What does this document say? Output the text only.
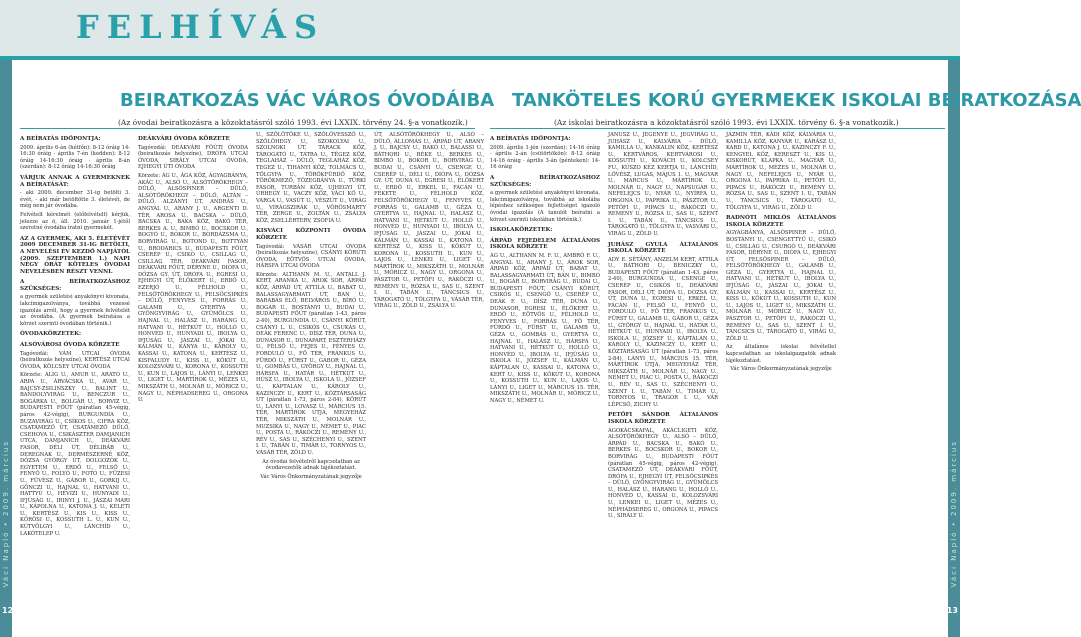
FELHÍVÁS
Váci Napló • 2009. március
12
BEIRATKOZÁS VÁC VÁROS ÓVODÁIBA
(Az óvodai beiratkozásra a közoktatásról szóló 1993. évi LXXIX. törvény 24. §-a vonatkozik.)

A BEÍRATÁS IDŐPONTJA:

2009. április 6-án (hétfőn): 8-12 óráig 14-16:30 óráig · április 7-én (kedden): 8-12 óráig 14-16:30 óráig · április 8-án (szerdán): 8-12 óráig 14-16:30 óráig

VÁRJUK ANNAK A GYERMEKNEK A BEÍRATÁSÁT:

- aki 2009. december 31-ig betölti 3. évét, - aki már betöltötte 3. életévét, de még nem jár óvodába.

Felvételt kérelmét (előfelvételt) kérjük, jelezze az ö, áll. 2010. január 1-jétől szeretné óvodába íratni gyermekét.

AZ A GYERMEK, AKI 5. ÉLETÉVÉT 2009 DECEMBER 31-IG BETÖLTI, A NEVELÉSI ÉV KEZDŐ NAPJÁTÓL (2009. SZEPTEMBER 1.) NAPI NÉGY ÓRÁT KÖTELES ÓVODAI NEVELÉSBEN RÉSZT VENNI.

A BEÍRATKOZÁSHOZ SZÜKSÉGES:

a gyermek születési anyakönyvi kivonata, lakcímigazolványa, továbbá vezessé igazolás arról, hogy a gyermek felvételét az óvodába. (A gyermek beíratása a körzet szerinti óvodában történik.)

ÓVODAKÖRZETEK:

ALSÓVÁROSI ÓVODA KÖRZETE

Tagóvodái: VÁM UTCAI ÓVODA (beiratkozás helyszíne), KERTÉSZ UTCAI ÓVODA, KÖLCSEY UTCAI ÓVODA

Körzete: ALIG U., AMUR U., ARATÓ U., ÁRPA U., ÁRVÁCSKA U., AVAR U., BAJCSY-ZSILINSZKY U., BALINT U., BANDOLYVIRÁG U., BENCZÚR U., BOGÁRKA U., BOLGÁR U., BORVIZ U., BUDAPESTI FŐÚT (páratlan 45-végig, páros 42-végig), BURGUNDIA U., BUZAVIRÁG U., CSÍKOS U., CIFRA KÖZ, CSATÁMEZŐ ÚT, CSATÁMEZŐ DŰLŐ, CSEHOVA U., CSIKÁSZTER DAMJANICH UTCA, DAMJANICH U., DEÁKVÁRI FASOR, DÉLI ÚT, DÉLIBÁB U., DEREGNAK U., DERMÉSZERNÉ KÖZ, DÓZSA GYÖRGY ÚT, DOLGOZÓK U., EGYETEM U., ERDŐ U., FELSŐ U., FENYŐ U., FOLYÓ U., FOTÓ U., FÜZESI U., FÜVÉSZ U., GÁBOR U., GORKIJ U., GÖNCZI U., HAJNAL U., HATVANI U., HATTYÚ U., HÉVIZI U., HUNYADI U., IFJÚSÁG U., IRINYI J. U., JÁSZAI MARI U., KÁPOLNA U., KATONA J. U., KELETI U., KERTÉSZ U., KIS U., KISS U., KŐRÖSI U., KOSSUTH L. U., KUN U., KÚTVÖLGYI U., LÁNCHÍD U., LAKÓTELEP U.

DEÁKVÁRI ÓVODA KÖRZETE

Tagóvodái: DEÁKVÁRI FŐÚTI ÓVODA (beiratkozás helyszíne), DRÓFA UTCAI ÓVODA, SIRÁLY UTCAI ÓVODA, EJHEGYI ÚTI ÓVODA

Körzete: ÁG U., ÁGA KÖZ, ÁGYAGBÁNYA, AKÁC U., ALSÓ U., ALSÓTÖRÖKHEGY – DŰLŐ, ALSÓSPINER – DŰLŐ, ALSÓTÖRÖKHEGY – DŰLŐ, ALTÁN – DŰLŐ, ALZÁNYI ÚT, ANDRÁS U., ANGYAL U., ARANY J. U., ARGENTI D. TÉR, AROSA U., BACSKA – DŰLŐ, BACSKA U., BAKA KÖZ, BAKÓ TÉR, BERKES A. U., BIMBÓ U., BOCSKOR U., BOGYÓ U., BOKOR U., BORDÁZSMA U., BORVIRÁG U., BOTOND U., BOTTYÁN U., BRODARICS U., BUDAPESTI FŐÚT, CSERÉP U., CSIKÓ U., CSILLAG U., CSILLAG TÉR, DEÁKVÁRI FASOR, DEÁKVÁRI FŐÚT, DÉRYNE U., DIÓFA U., DÓZSA GY. ÚT, DRÓFA U., EGRESI U., EJHEGYI ÚT, ÉLŐKERT U., ERDŐ U., EZERJÓ U., FÉLHOLD U., FELSŐTÖRÖKHEGY U., FELSŐCSIPKÉS – DŰLŐ, FENYVES U., FORRÁS U., GALAMB U., GYERTYA U., GYÖNGYVIRÁG U., GYÜMÖLCS U., HAJNAL U., HALÁSZ U., HARANG U., HATVANI U., HÉTKÚT U., HOLLÓ U., HONVÉD U., HUNYADI U., IBOLYA U., IFJÚSÁG U., JÁSZAI U., JÓKAI U., KÁLMÁN U., KÁNYA U., KÁROLY U., KASSAI U., KATONA U., KERTÉSZ U., KISFALUDY U., KISS U., KŐKÚT U., KOLOZSVÁRI U., KORONA U., KOSSUTH U., KUN U., LAJOS U., LÁNYI U., LENKEI U., LIGET U., MÁRTÍROK U., MÉZES U., MIKSZÁTH U., MOLNÁR U., MÓRICZ U., NAGY U., NÉPHADSEREG U., ORGONA U.

U., SZŐLŐTŐKE U., SZŐLŐVESSZŐ U., SZŐLŐHEGY U., SZOKOLYAI U., SZOLNOKI ÚT, TARACK KÖZ, TÁROGATÓ U., TATRA U., TÉGEZ KÖZ, TEGLAHÁZ – DŰLŐ, TEGLAHÁZ KÖZ, TEGEZ U., TIHANYI KÖZ, TOLMÁCS U., TÖLGYFA U., TÖRÖKFÜRDŐ KÖZ, TÖRÖKMEZŐ, TŐZEGBÁNYA U., TÜRKI FASOR, TURBÁN KÖZ, UJHEGYI ÚT, ÚRHEGY U., VACZY KÖZ, VÁCI KŐ U., VARGA U., VASÚT U., VÉSZÚT U., VIRÁG U., VIRÁGSZIRÁK U., VÖRÖSMARTY TÉR, ZERGE U., ZOLTÁN U., ZSÁLYA KÖZ, ZSELLÉRTERV, ZSÓFIA U.

KISVÁCI KÖZPONTI ÓVODA KÖRZETE

Tagóvodái: VÁSÁR UTCAI ÓVODA (beiratkozás helyszíne), CSÁNYI KÖRÚTI ÓVODA, EÖTVÖS UTCAI ÓVODA, HÁRSFA UTCAI ÓVODA

Körzete: ALTHANN M. U., ANTALL J. KERT, ARANKA U., ÁROK SOR, ÁRPÁD KÖZ, ÁRPÁD ÚT, ATTILA U., BABAT U., BALASSAGYARMATI ÚT, BAN U., BARABÁS ÉLŐ, BELVÁROS U., BÍRÓ U., BOGÁR U., BOSTÁNYI U., BUDAI U., BUDAPESTI FŐÚT (páratlan 1-43, páros 2-40), BURGUNDIA U., CSÁNYI KÖRÚT, CSÁNYI L. U., CSIKÓS U., CSUKÁS U., DEÁK FERENC U., DÍSZ TÉR, DUNA U., DUNASOR U., DUNAPART, ESZTERHÁZY U., FÉLSŐ U., FEJES U., FÉNYES U., FORDULÓ U., FŐ TÉR, FRANKUS U., FÜRDŐ U., FÜRST U., GÁBOR U., GÉZA U., GOMBÁS U., GYÖRGY U., HAJNAL U., HÁRSFA U., HATÁR U., HÉTKÚT U., HÚSZ U., IBOLYA U., ISKOLA U., JÓZSEF U., KÁPTALAN U., KÁROLY U., KAZINCZY U., KERT U., KÖZTÁRSASÁG ÚT (páratlan 1-73, páros 2-84), KŐRÚT U., LÁNYI U., LOVASZ U., MÁRCIUS 15. TÉR, MÁRTÍROK ÚTJA, MEGYEHÁZ TÉR, MIKSZÁTH U., MOLNÁR U., MUZSIKA U., NAGY U., NÉMET U., PIAC U., POSTA U., RÁKÓCZI U., REMÉNY U., RÉV U., SAS U., SZÉCHENYI U., SZENT I. U., TABÁN U., TIMÁR U., TORNYOS U., VÁSÁR TÉR, ZÖLD U.

Az óvodai felvételről kapcsolatban az óvodavezetők adnak tájékoztatást.

Vác Város Önkormányzatának jegyzője

ÚT, ALSÓTÖRÖKHEGY U., ALSÓ – DŰLŐ, ÁLLOMÁS U., ÁRPÁD ÚT, ARANY J. U., BAJCSY U., BAKÓ U., BALASSI U., BÁTHORI U., BÉKE U., BERKES U., BIMBÓ U., BOKOR U., BORVIRÁG U., BUDAI U., CSÁNYI U., CSENGE U., CSERÉP U., DÉLI U., DIÓFA U., DÓZSA GY. ÚT, DUNA U., EGRESI U., ÉLŐKERT U., ERDŐ U., ERKEL U., FÁCÁN U., FEKETE U., FÉLHOLD KÖZ, FELSŐTÖRÖKHEGY U., FENYVES U., FORRÁS U., GALAMB U., GÉZA U., GYERTYA U., HAJNAL U., HALÁSZ U., HATVANI U., HÉTKÚT U., HOLLÓ U., HONVÉD U., HUNYADI U., IBOLYA U., IFJÚSÁG U., JÁSZAI U., JÓKAI U., KÁLMÁN U., KASSAI U., KATONA U., KERTÉSZ U., KISS U., KŐKÚT U., KORONA U., KOSSUTH U., KUN U., LAJOS U., LENKEI U., LIGET U., MÁRTÍROK U., MIKSZÁTH U., MOLNÁR U., MÓRICZ U., NAGY U., ORGONA U., PÁSZTOR U., PETŐFI U., RÁKÓCZI U., REMÉNY U., RÓZSA U., SAS U., SZENT I. U., TABÁN U., TÁNCSICS U., TÁROGATÓ U., TÖLGYFA U., VÁSÁR TÉR, VIRÁG U., ZÖLD U., ZSÁLYA U.

Váci Napló • 2009. március
13
TANKÖTELES KORÚ GYERMEKEK ISKOLAI BEIRATKOZÁSA
(Az iskolai beiratkozásra a közoktatásról szóló 1993. évi LXXIX. törvény 6. §-a vonatkozik.)

A BEÍRATÁS IDŐPONTJA:

2009. április 1-jén (szerdán): 14-16 óráig · április 2-án (csütörtökön): 8-12 óráig 14-16 óráig · április 3-án (pénteken): 14-16 óráig

A BEÍRATKOZÁSHOZ SZÜKSÉGES:

a gyermek születési anyakönyvi kivonata, lakcímigazolványa, továbbá az iskolába lépéshez szükséges fejlettséget igazoló óvodai igazolás (A tanulót beíratni a körzet szerinti iskolában történik.)

ISKOLAKÖRZETEK:

ÁRPÁD FEJEDELEM ÁLTALÁNOS ISKOLA KÖRZETE

ÁG U., ALTHANN M. F. U., AMBRÓ F. U., ANGYAL U., ARANY J. U., ÁROK SOR, ÁRPÁD KÖZ, ÁRPÁD ÚT, BABAT U., BALASSAGYARMATI ÚT, BÁN U., BIMBÓ U., BOGÁR U., BORVIRÁG U., BUDAI U., BUDAPESTI FŐÚT, CSÁNYI KÖRÚT, CSIKÓS U., CSENGŐ U., CSERÉP U., DEÁK F. U., DÍSZ TÉR, DUNA U., DUNASOR, EGRESI U., ÉLŐKERT U., ERDŐ U., EÖTVÖS U., FÉLHOLD U., FENYVES U., FORRÁS U., FŐ TÉR, FÜRDŐ U., FÜRST U., GALAMB U., GÉZA U., GOMBÁS U., GYERTYA U., HAJNAL U., HALÁSZ U., HÁRSFA U., HATVANI U., HÉTKÚT U., HOLLÓ U., HONVÉD U., IBOLYA U., IFJÚSÁG U., ISKOLA U., JÓZSEF U., KÁLMÁN U., KÁPTALAN U., KASSAI U., KATONA U., KERT U., KISS U., KŐKÚT U., KORONA U., KOSSUTH U., KUN U., LAJOS U., LÁNYI U., LIGET U., MÁRCIUS 15. TÉR, MIKSZÁTH U., MOLNÁR U., MÓRICZ U., NAGY U., NÉMET U.

JANUSZ U., JEGENYE U., JEGVIRÁG U., JUHÁSZ U., KÁLVÁRIA – DŰLŐ, KAMILLA U., KANKALIN KÖZ, KERTÉSZ U., KERTVÁROS, KERTVÁROSI U., KOSSUTH U., KOVÁCH U., KOLCSEY FU., KÚSZO KÉZ KERTJA U., LÁNCHÍD, LŐVÉSZ, LUGAS, MÁJUS 1. U., MAGYAR U., MARCUS U., MÁRTÍROK U., MOLNÁR U., NAGY U., NAPSUGÁR U., NEFELEJCS U., NYÁR U., NYÍRFA U., ORGONA U., PAPRIKA U., PÁSZTOR U., PETŐFI U., PIPACS U., RÁKÓCZI U., REMÉNY U., RÓZSA U., SAS U., SZENT I. U., TABÁN U., TÁNCSICS U., TÁROGATÓ U., TÖLGYFA U., VASVÁRI U., VIRÁG U., ZÖLD U.

JUHÁSZ GYULA ÁLTALÁNOS ISKOLA KÖRZETE

ADY E. SÉTÁNY, ANZELM KERT, ATTILA U., BÁTHORI U., BENICZKY U., BUDAPESTI FŐÚT (páratlan 1-43, páros 2-40), BURGUNDIA U., CSENGE U., CSERÉP U., CSIKÓS U., DEÁKVÁRI FASOR, DÉLI ÚT, DIÓFA U., DÓZSA GY. ÚT, DUNA U., EGRESI U., ERKEL U., FÁCÁN U., FELSŐ U., FENYŐ U., FORDULÓ U., FŐ TÉR, FRANKUS U., FÜRST U., GALAMB U., GÁBOR U., GÉZA U., GYÖRGY U., HAJNAL U., HATÁR U., HÉTKÚT U., HUNYADI U., IBOLYA U., ISKOLA U., JÓZSEF U., KÁPTALAN U., KÁROLY U., KAZINCZY U., KERT U., KÖZTÁRSASÁG ÚT (páratlan 1-73, páros 2-84), LÁNYI U., MÁRCIUS 15. TÉR, MÁRTÍROK ÚTJA, MEGYEHÁZ TÉR, MIKSZÁTH U., MOLNÁR U., NAGY U., NÉMET U., PIAC U., POSTA U., RÁKÓCZI U., RÉV U., SAS U., SZÉCHENYI U., SZENT I. U., TABÁN U., TIMÁR U., TORNYOS U., TRAGOR I. U., VÁR LÉPCSŐ, ZICHY U.

PETŐFI SÁNDOR ÁLTALÁNOS ISKOLA KÖRZETE

ÁGOKÁCSKAFAL, AKÁCLIGETI KÖZ, ALSÓTÖRÖKHEGY U., ALSÓ – DŰLŐ, ÁRPÁD U., BACSKA U., BAKÓ U., BERKES U., BOCSKOR U., BOKOR U., BORVIRÁG U., BUDAPESTI FŐÚT (páratlan 45-végig, páros 42-végig), CSATAMEZŐ ÚT, DEÁKVÁRI FŐÚT, DRÓFA U., EJHEGYI ÚT, FELSŐCSIPKÉS – DŰLŐ, GYÖNGYVIRÁG U., GYÜMÖLCS U., HALÁSZ U., HARANG U., HOLLÓ U., HONVÉD U., KASSAI U., KOLOZSVÁRI U., LENKEI U., LIGET U., MÉZES U., NÉPHADSEREG U., ORGONA U., PIPACS U., SIRÁLY U.

JÁZMIN TÉR, KÁDI KÖZ, KÁLVÁRIA U., KAMILLA KÖZ, KANYAR U., KÁRÁSZ U., KARD U., KATONA J. U., KAZINCZY F. U., KENGYEL KÖZ, KERESZT U., KIS U., KISKORÚT, KLAPKA U., MAGYAR U., MÁRTÍROK U., MÉZES U., MOLNÁR U., NAGY U., NEFELEJCS U., NYÁR U., ORGONA U., PAPRIKA U., PETŐFI U., PIPACS U., RÁKÓCZI U., REMÉNY U., RÓZSA U., SAS U., SZENT I. U., TABÁN U., TÁNCSICS U., TÁROGATÓ U., TÖLGYFA U., VIRÁG U., ZÖLD U.

RADNÓTI MIKLÓS ÁLTALÁNOS ISKOLA KÖRZETE

AGYAGBÁNYA, ALSÓSPINER – DŰLŐ, BOSTÁNYI U., CSENGETTYŰ U., CSIKÓ U., CSILLAG U., CSURGÓ U., DEÁKVÁRI FASOR, DÉRYNE U., DIÓFA U., EJHEGYI ÚT, FELSŐSPINER – DŰLŐ, FELSŐTÖRÖKHEGY U., GALAMB U., GÉZA U., GYERTYA U., HAJNAL U., HATVANI U., HÉTKÚT U., IBOLYA U., IFJÚSÁG U., JÁSZAI U., JÓKAI U., KÁLMÁN U., KASSAI U., KERTÉSZ U., KISS U., KŐKÚT U., KOSSUTH U., KUN U., LAJOS U., LIGET U., MIKSZÁTH U., MOLNÁR U., MÓRICZ U., NAGY U., PÁSZTOR U., PETŐFI U., RÁKÓCZI U., REMÉNY U., SAS U., SZENT I. U., TÁNCSICS U., TÁROGATÓ U., VIRÁG U., ZÖLD U.

Az általános iskolai felvétellel kapcsolatban az iskolaigazgatók adnak tájékoztatást.

Vác Város Önkormányzatának jegyzője
